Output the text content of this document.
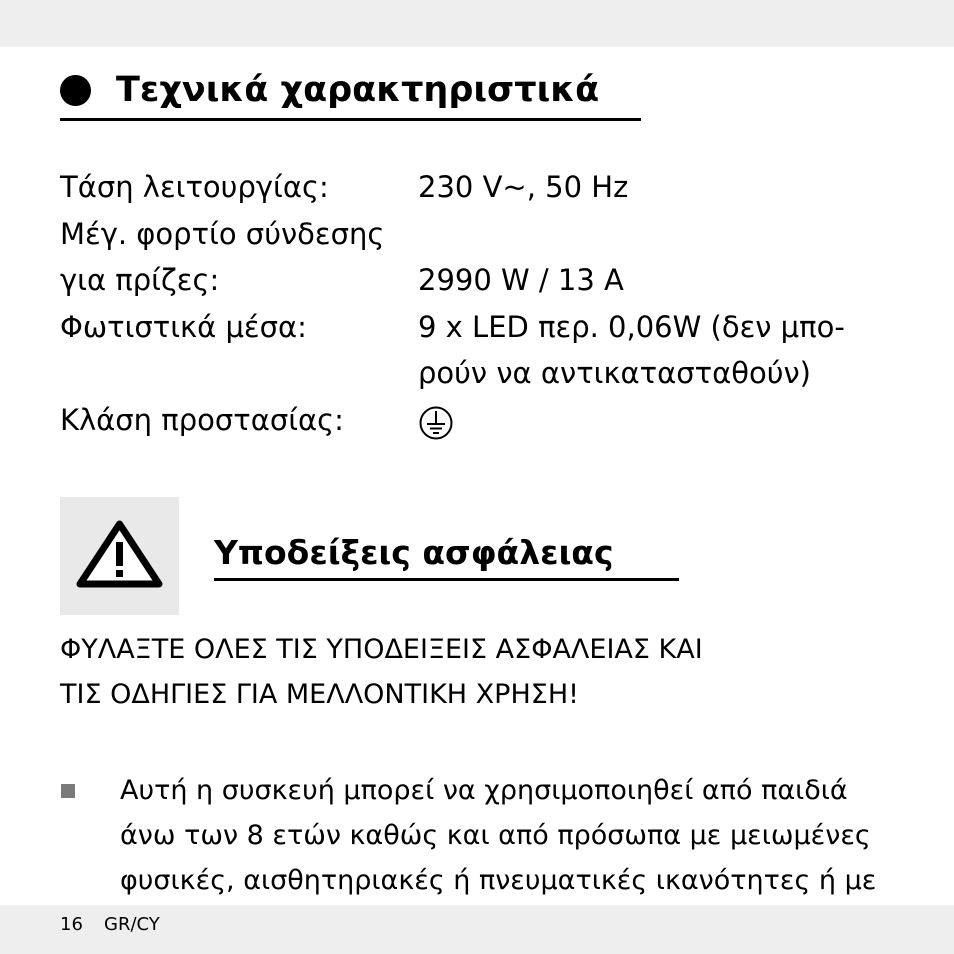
Τεχνικά χαρακτηριστικά
Τάση λειτουργίας:	230 V~, 50 Hz
Μέγ. φορτίο σύνδεσης
για πρίζες:	2990 W / 13 A
Φωτιστικά μέσα:	9 x LED περ. 0,06W (δεν μπο-
ρούν να αντικατασταθούν)
Κλάση προστασίας:
Υποδείξεις ασφάλειας
ΦΥΛΑΞΤΕ ΟΛΕΣ ΤΙΣ ΥΠΟΔΕΙΞΕΙΣ ΑΣΦΑΛΕΙΑΣ ΚΑΙ
ΤΙΣ ΟΔΗΓΙΕΣ ΓΙΑ ΜΕΛΛΟΝΤΙΚΗ ΧΡΗΣΗ!
Αυτή η συσκευή μπορεί να χρησιμοποιηθεί από παιδιά
άνω των 8 ετών καθώς και από πρόσωπα με μειωμένες
φυσικές, αισθητηριακές ή πνευματικές ικανότητες ή με
16 GR/CY
